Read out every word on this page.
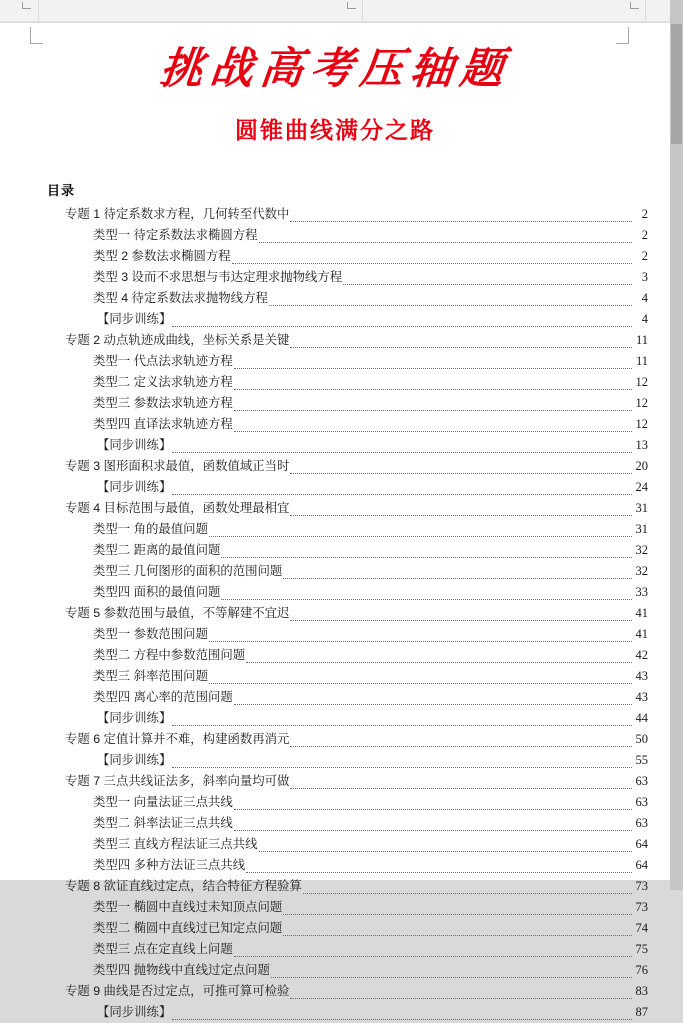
挑战高考压轴题
圆锥曲线满分之路
目录
专题 1 待定系数求方程，几何转至代数中	2
类型一 待定系数法求椭圆方程	2
类型 2 参数法求椭圆方程	2
类型 3 设而不求思想与韦达定理求抛物线方程	3
类型 4 待定系数法求抛物线方程	4
【同步训练】	4
专题 2 动点轨迹成曲线，坐标关系是关键	11
类型一 代点法求轨迹方程	11
类型二 定义法求轨迹方程	12
类型三 参数法求轨迹方程	12
类型四 直译法求轨迹方程	12
【同步训练】	13
专题 3 图形面积求最值，函数值域正当时	20
【同步训练】	24
专题 4 目标范围与最值，函数处理最相宜	31
类型一 角的最值问题	31
类型二 距离的最值问题	32
类型三 几何图形的面积的范围问题	32
类型四 面积的最值问题	33
专题 5 参数范围与最值，不等解建不宜迟	41
类型一 参数范围问题	41
类型二 方程中参数范围问题	42
类型三 斜率范围问题	43
类型四 离心率的范围问题	43
【同步训练】	44
专题 6 定值计算并不难，构建函数再消元	50
【同步训练】	55
专题 7 三点共线证法多，斜率向量均可做	63
类型一 向量法证三点共线	63
类型二 斜率法证三点共线	63
类型三 直线方程法证三点共线	64
类型四 多种方法证三点共线	64
专题 8 欲证直线过定点，结合特征方程验算	73
类型一 椭圆中直线过未知顶点问题	73
类型二 椭圆中直线过已知定点问题	74
类型三 点在定直线上问题	75
类型四 抛物线中直线过定点问题	76
专题 9 曲线是否过定点，可推可算可检验	83
【同步训练】	87
